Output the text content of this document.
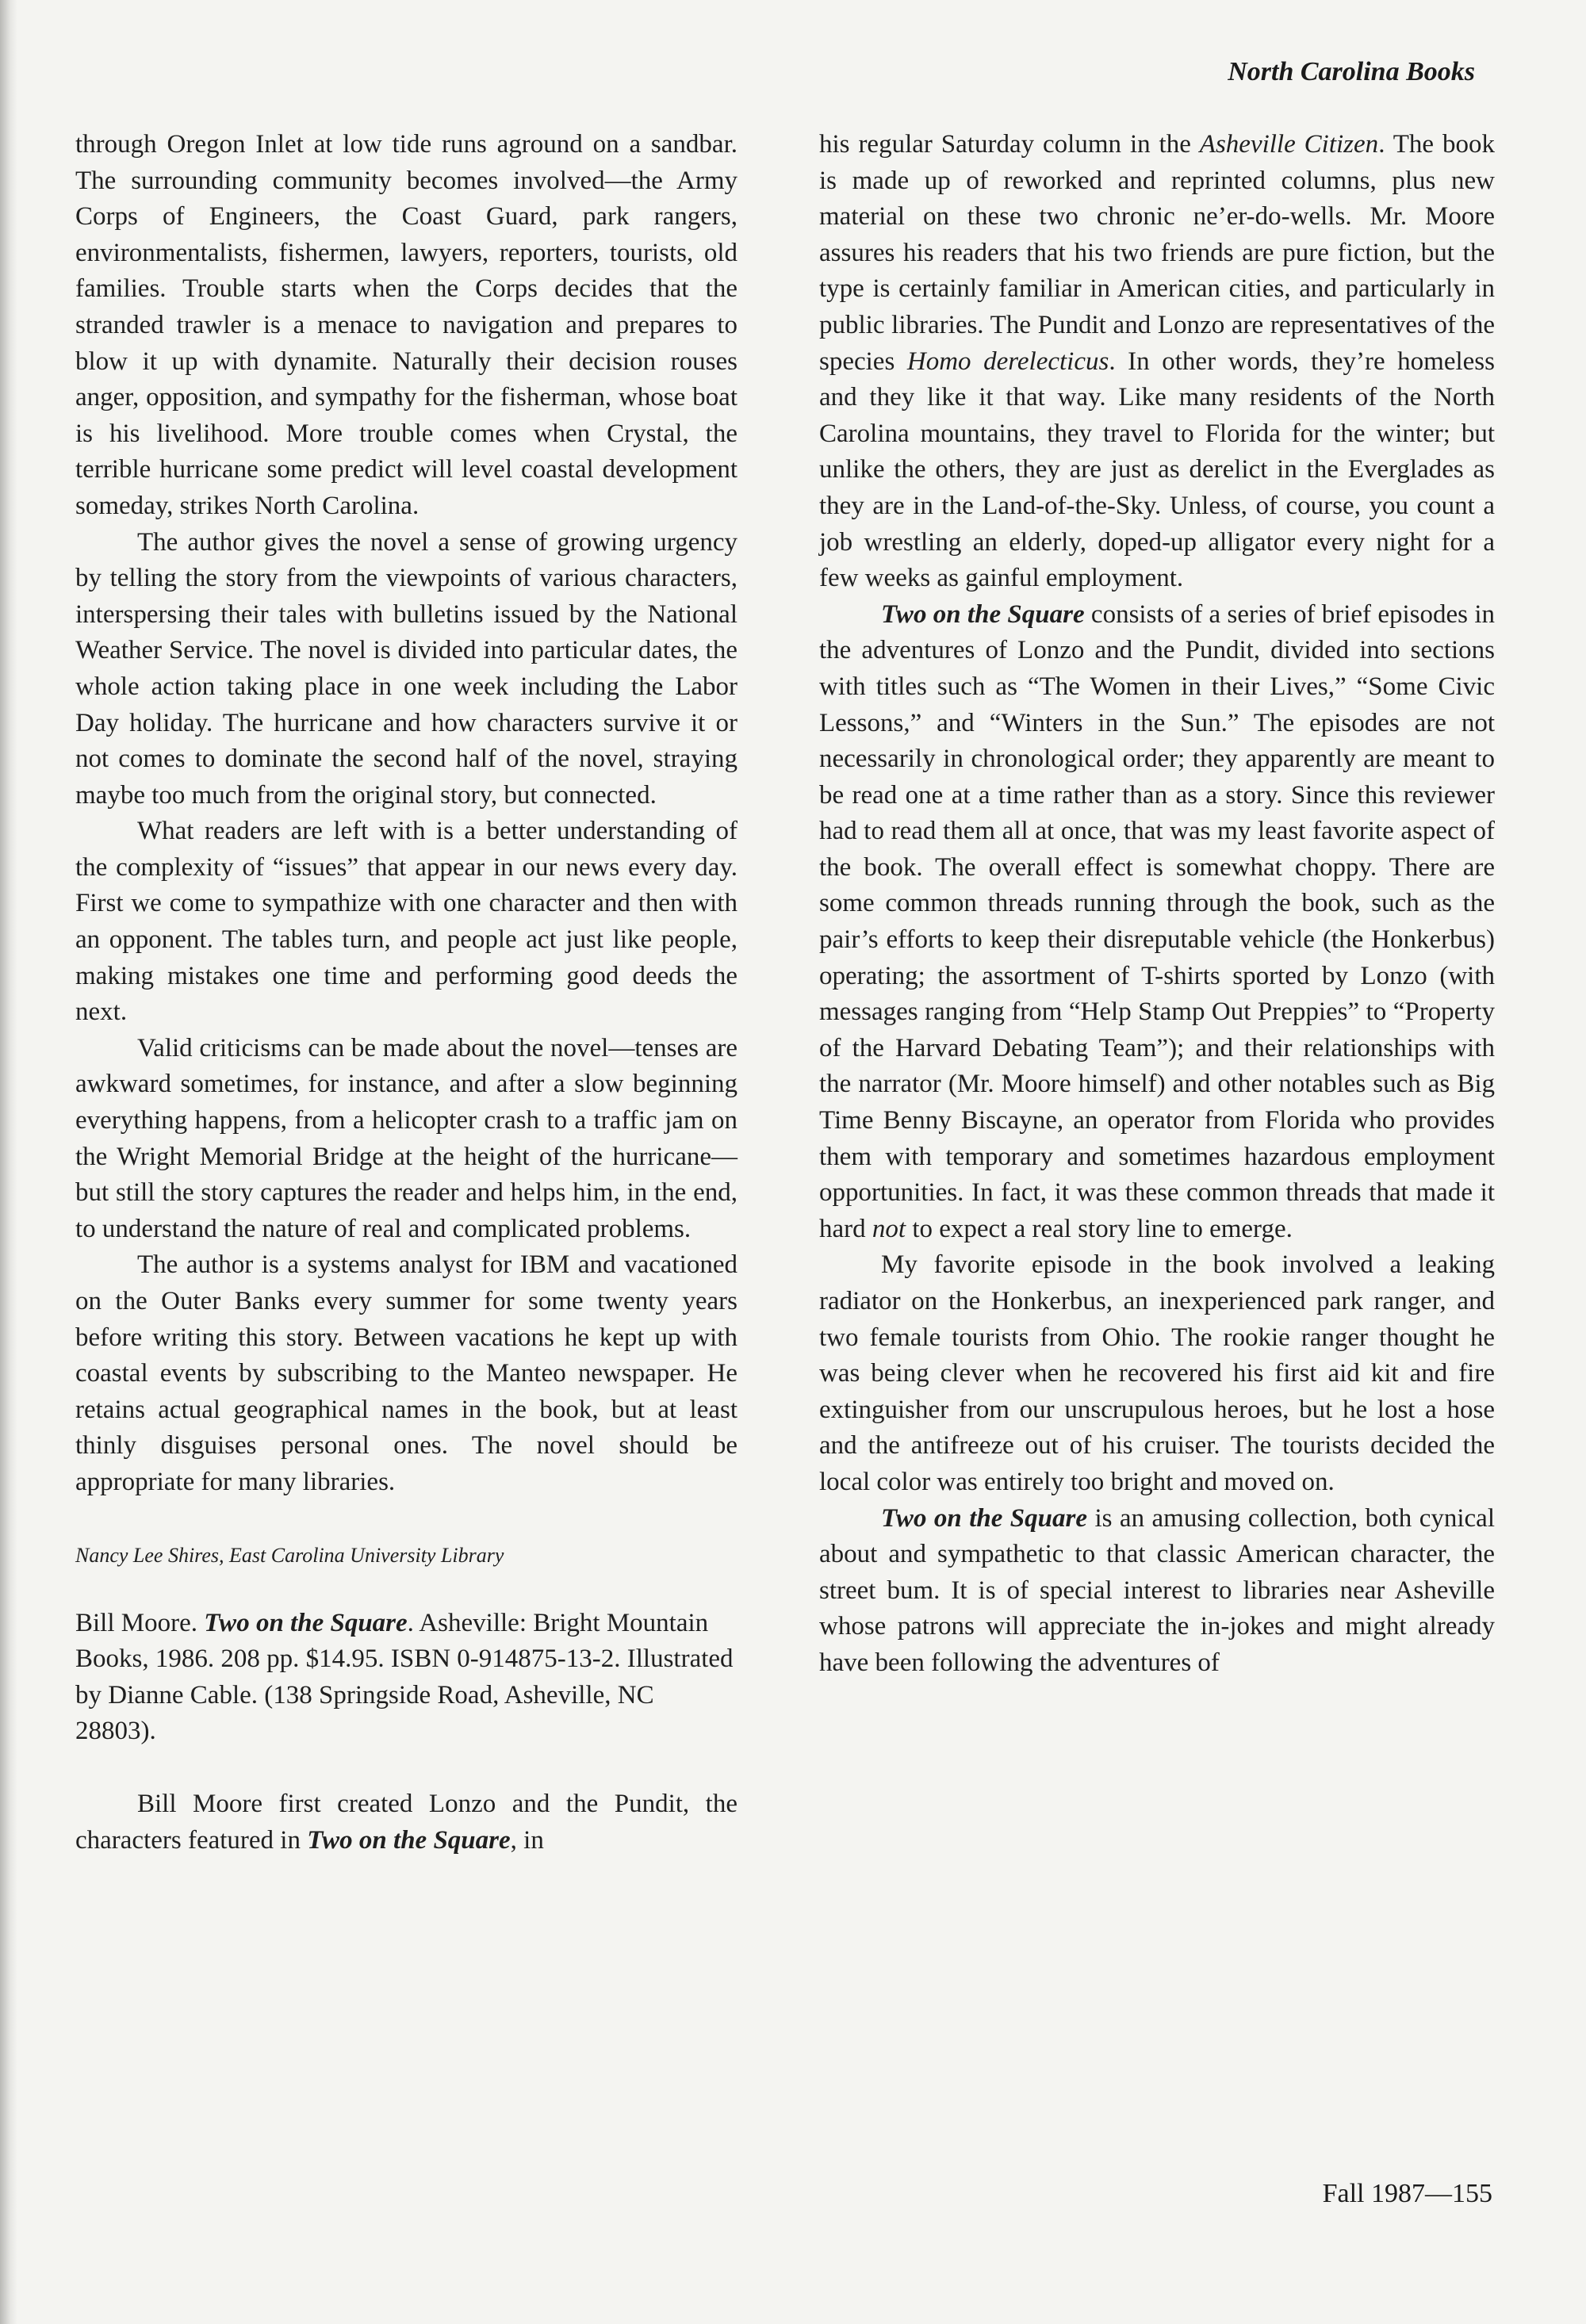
North Carolina Books

through Oregon Inlet at low tide runs aground on a sandbar. The surrounding community becomes involved—the Army Corps of Engineers, the Coast Guard, park rangers, environmentalists, fishermen, lawyers, reporters, tourists, old families. Trouble starts when the Corps decides that the stranded trawler is a menace to navigation and prepares to blow it up with dynamite. Naturally their decision rouses anger, opposition, and sympathy for the fisherman, whose boat is his livelihood. More trouble comes when Crystal, the terrible hurricane some predict will level coastal development someday, strikes North Carolina.

The author gives the novel a sense of growing urgency by telling the story from the viewpoints of various characters, interspersing their tales with bulletins issued by the National Weather Service. The novel is divided into particular dates, the whole action taking place in one week including the Labor Day holiday. The hurricane and how characters survive it or not comes to dominate the second half of the novel, straying maybe too much from the original story, but connected.

What readers are left with is a better understanding of the complexity of “issues” that appear in our news every day. First we come to sympathize with one character and then with an opponent. The tables turn, and people act just like people, making mistakes one time and performing good deeds the next.

Valid criticisms can be made about the novel—tenses are awkward sometimes, for instance, and after a slow beginning everything happens, from a helicopter crash to a traffic jam on the Wright Memorial Bridge at the height of the hurricane—but still the story captures the reader and helps him, in the end, to understand the nature of real and complicated problems.

The author is a systems analyst for IBM and vacationed on the Outer Banks every summer for some twenty years before writing this story. Between vacations he kept up with coastal events by subscribing to the Manteo newspaper. He retains actual geographical names in the book, but at least thinly disguises personal ones. The novel should be appropriate for many libraries.

Nancy Lee Shires, East Carolina University Library

Bill Moore. Two on the Square. Asheville: Bright Mountain Books, 1986. 208 pp. $14.95. ISBN 0-914875-13-2. Illustrated by Dianne Cable. (138 Springside Road, Asheville, NC 28803).

Bill Moore first created Lonzo and the Pundit, the characters featured in Two on the Square, in

his regular Saturday column in the Asheville Citizen. The book is made up of reworked and reprinted columns, plus new material on these two chronic ne’er-do-wells. Mr. Moore assures his readers that his two friends are pure fiction, but the type is certainly familiar in American cities, and particularly in public libraries. The Pundit and Lonzo are representatives of the species Homo derelecticus. In other words, they’re homeless and they like it that way. Like many residents of the North Carolina mountains, they travel to Florida for the winter; but unlike the others, they are just as derelict in the Everglades as they are in the Land-of-the-Sky. Unless, of course, you count a job wrestling an elderly, doped-up alligator every night for a few weeks as gainful employment.

Two on the Square consists of a series of brief episodes in the adventures of Lonzo and the Pundit, divided into sections with titles such as “The Women in their Lives,” “Some Civic Lessons,” and “Winters in the Sun.” The episodes are not necessarily in chronological order; they apparently are meant to be read one at a time rather than as a story. Since this reviewer had to read them all at once, that was my least favorite aspect of the book. The overall effect is somewhat choppy. There are some common threads running through the book, such as the pair’s efforts to keep their disreputable vehicle (the Honkerbus) operating; the assortment of T-shirts sported by Lonzo (with messages ranging from “Help Stamp Out Preppies” to “Property of the Harvard Debating Team”); and their relationships with the narrator (Mr. Moore himself) and other notables such as Big Time Benny Biscayne, an operator from Florida who provides them with temporary and sometimes hazardous employment opportunities. In fact, it was these common threads that made it hard not to expect a real story line to emerge.

My favorite episode in the book involved a leaking radiator on the Honkerbus, an inexperienced park ranger, and two female tourists from Ohio. The rookie ranger thought he was being clever when he recovered his first aid kit and fire extinguisher from our unscrupulous heroes, but he lost a hose and the antifreeze out of his cruiser. The tourists decided the local color was entirely too bright and moved on.

Two on the Square is an amusing collection, both cynical about and sympathetic to that classic American character, the street bum. It is of special interest to libraries near Asheville whose patrons will appreciate the in-jokes and might already have been following the adventures of

Fall 1987—155
